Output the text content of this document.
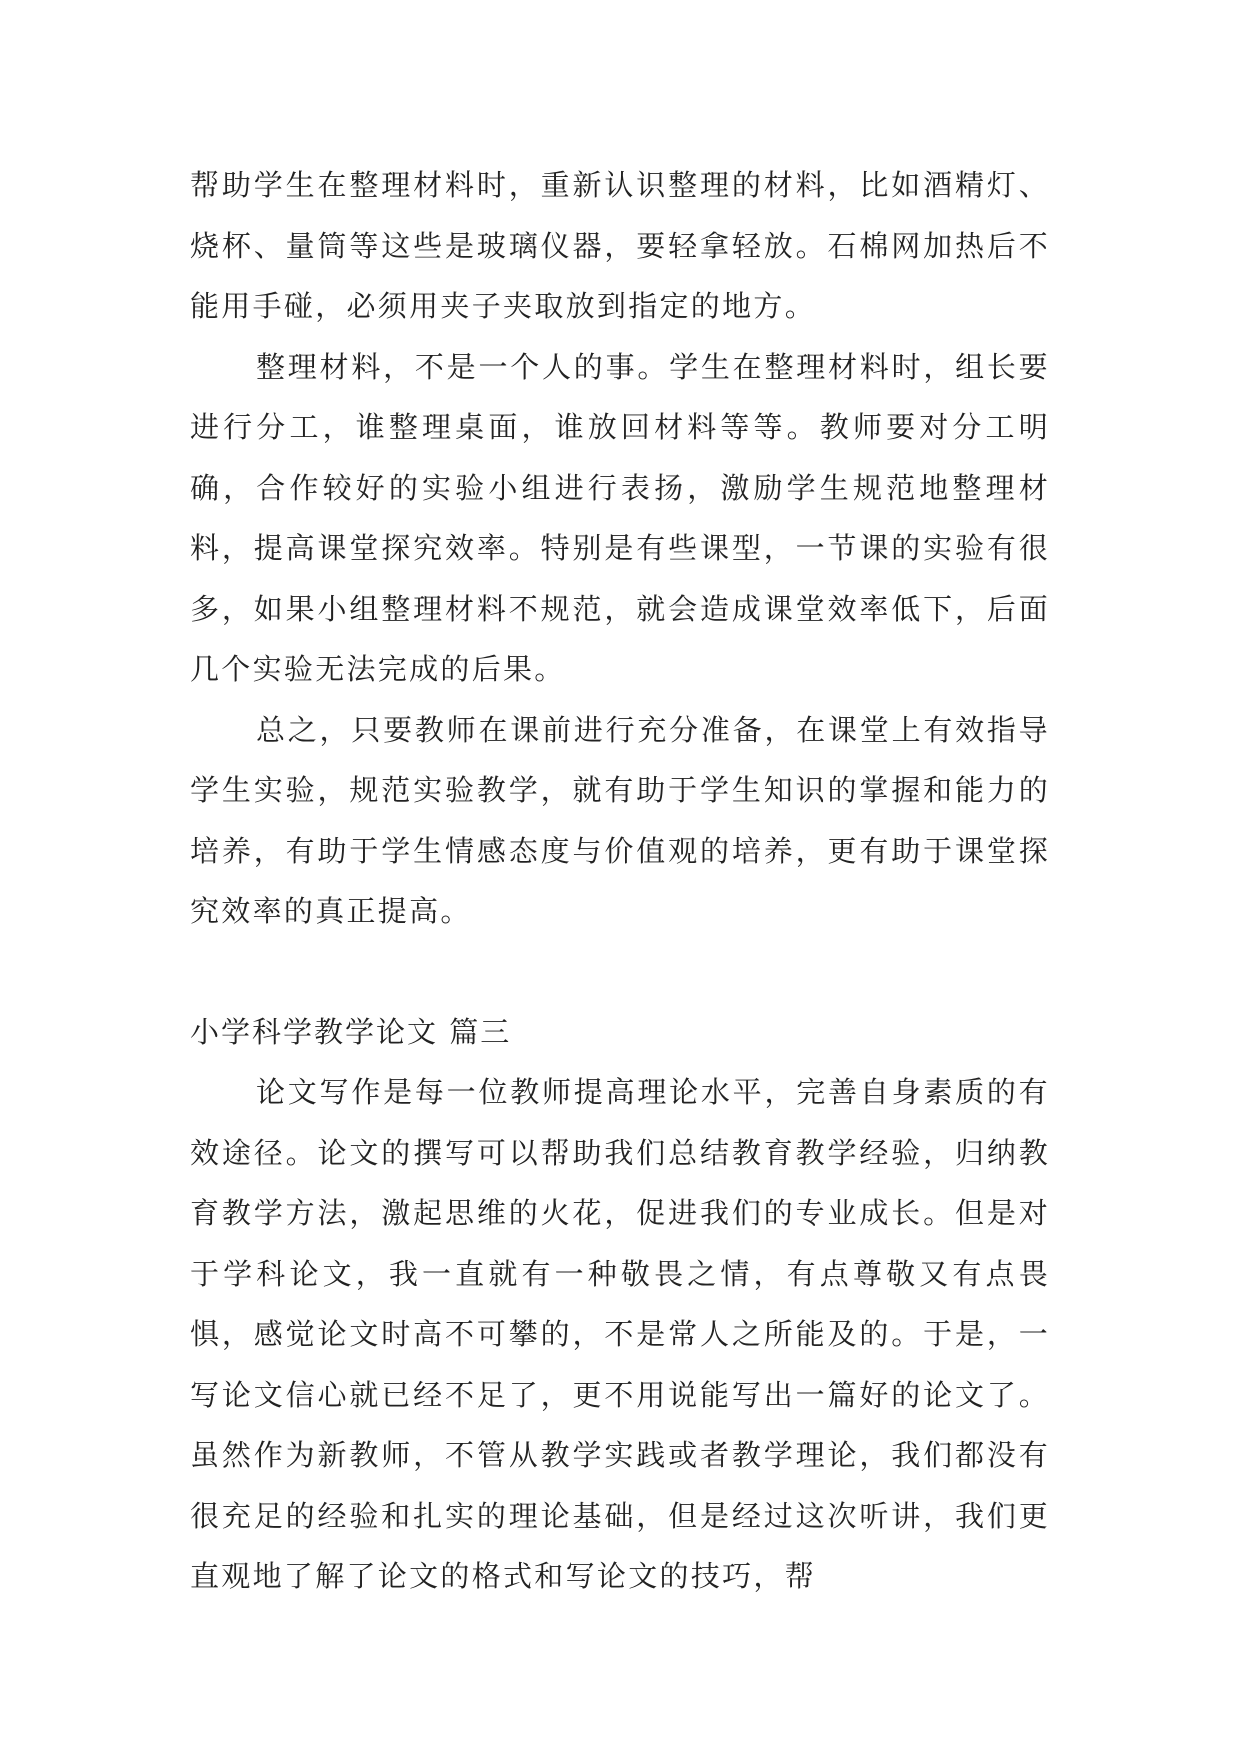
帮助学生在整理材料时，重新认识整理的材料，比如酒精灯、烧杯、量筒等这些是玻璃仪器，要轻拿轻放。石棉网加热后不能用手碰，必须用夹子夹取放到指定的地方。

整理材料，不是一个人的事。学生在整理材料时，组长要进行分工，谁整理桌面，谁放回材料等等。教师要对分工明确，合作较好的实验小组进行表扬，激励学生规范地整理材料，提高课堂探究效率。特别是有些课型，一节课的实验有很多，如果小组整理材料不规范，就会造成课堂效率低下，后面几个实验无法完成的后果。

总之，只要教师在课前进行充分准备，在课堂上有效指导学生实验，规范实验教学，就有助于学生知识的掌握和能力的培养，有助于学生情感态度与价值观的培养，更有助于课堂探究效率的真正提高。

小学科学教学论文 篇三

论文写作是每一位教师提高理论水平，完善自身素质的有效途径。论文的撰写可以帮助我们总结教育教学经验，归纳教育教学方法，激起思维的火花，促进我们的专业成长。但是对于学科论文，我一直就有一种敬畏之情，有点尊敬又有点畏惧，感觉论文时高不可攀的，不是常人之所能及的。于是，一写论文信心就已经不足了，更不用说能写出一篇好的论文了。虽然作为新教师，不管从教学实践或者教学理论，我们都没有很充足的经验和扎实的理论基础，但是经过这次听讲，我们更直观地了解了论文的格式和写论文的技巧，帮
